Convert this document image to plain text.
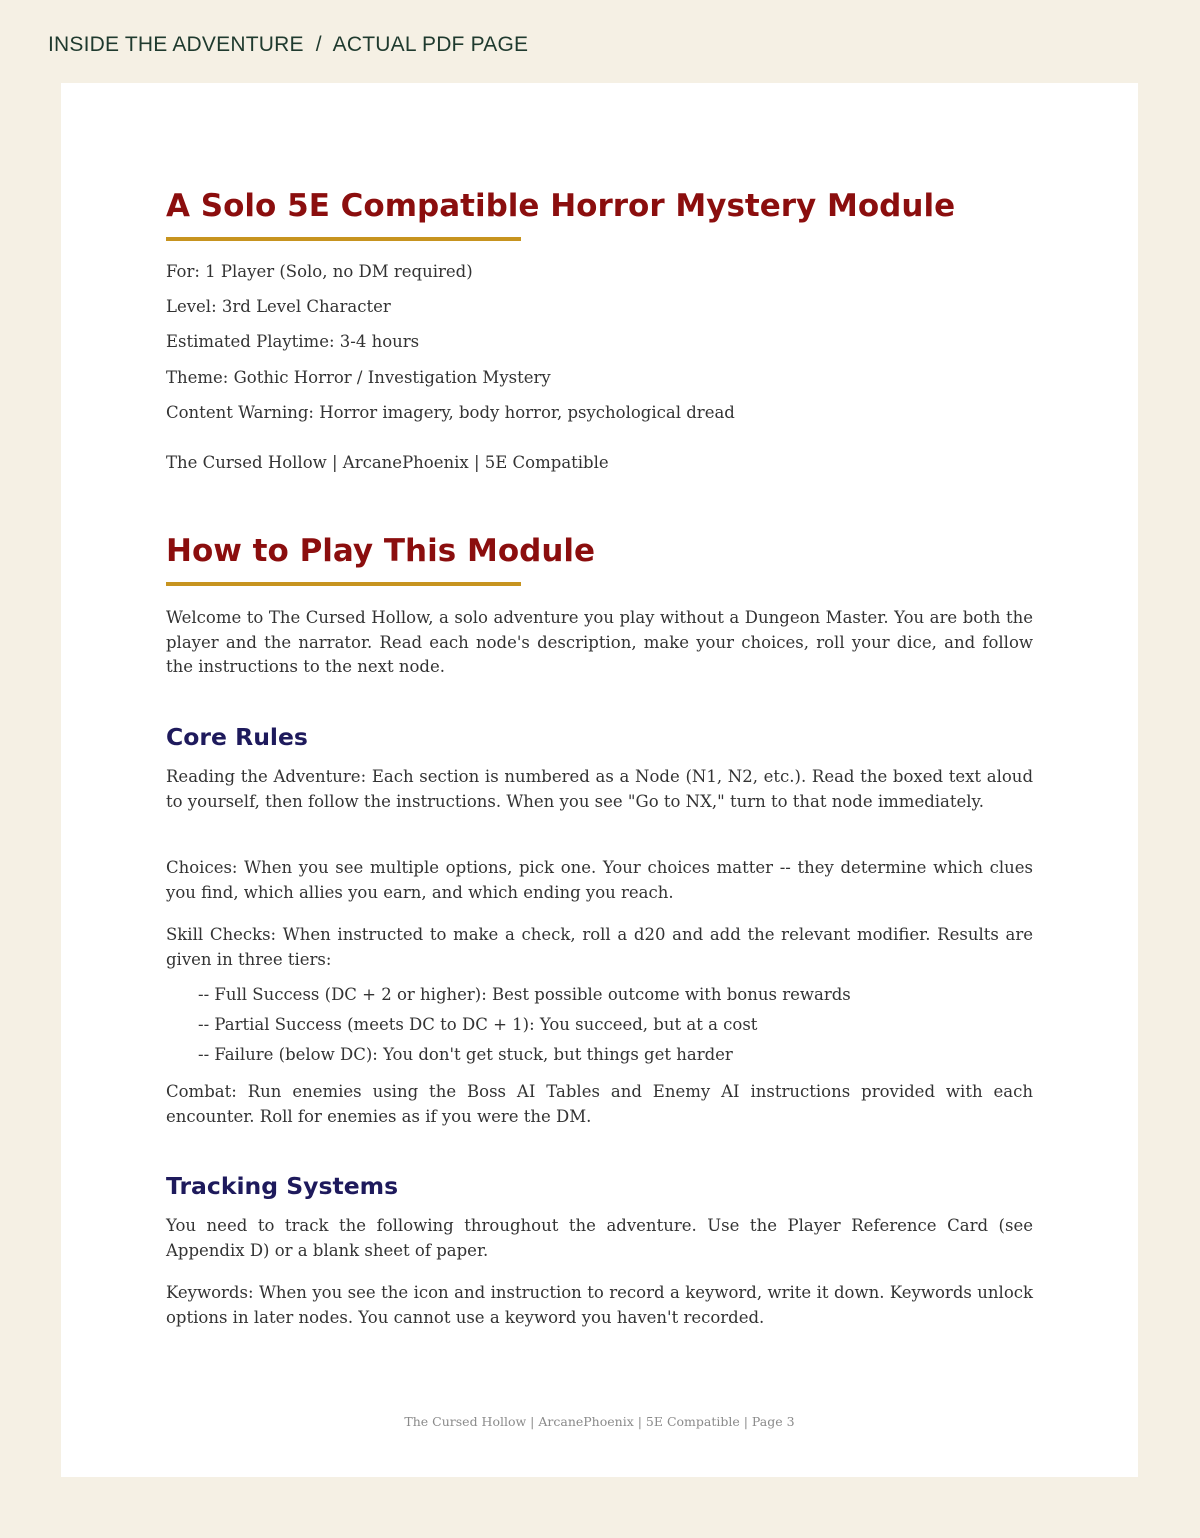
INSIDE THE ADVENTURE  /  ACTUAL PDF PAGE
A Solo 5E Compatible Horror Mystery Module
For: 1 Player (Solo, no DM required)
Level: 3rd Level Character
Estimated Playtime: 3-4 hours
Theme: Gothic Horror / Investigation Mystery
Content Warning: Horror imagery, body horror, psychological dread
The Cursed Hollow | ArcanePhoenix | 5E Compatible
How to Play This Module
Welcome to The Cursed Hollow, a solo adventure you play without a Dungeon Master. You are both the player and the narrator. Read each node's description, make your choices, roll your dice, and follow the instructions to the next node.
Core Rules
Reading the Adventure: Each section is numbered as a Node (N1, N2, etc.). Read the boxed text aloud to yourself, then follow the instructions. When you see "Go to NX," turn to that node immediately.
Choices: When you see multiple options, pick one. Your choices matter -- they determine which clues you find, which allies you earn, and which ending you reach.
Skill Checks: When instructed to make a check, roll a d20 and add the relevant modifier. Results are given in three tiers:
-- Full Success (DC + 2 or higher): Best possible outcome with bonus rewards
-- Partial Success (meets DC to DC + 1): You succeed, but at a cost
-- Failure (below DC): You don't get stuck, but things get harder
Combat: Run enemies using the Boss AI Tables and Enemy AI instructions provided with each encounter. Roll for enemies as if you were the DM.
Tracking Systems
You need to track the following throughout the adventure. Use the Player Reference Card (see Appendix D) or a blank sheet of paper.
Keywords: When you see the icon and instruction to record a keyword, write it down. Keywords unlock options in later nodes. You cannot use a keyword you haven't recorded.
The Cursed Hollow | ArcanePhoenix | 5E Compatible | Page 3
